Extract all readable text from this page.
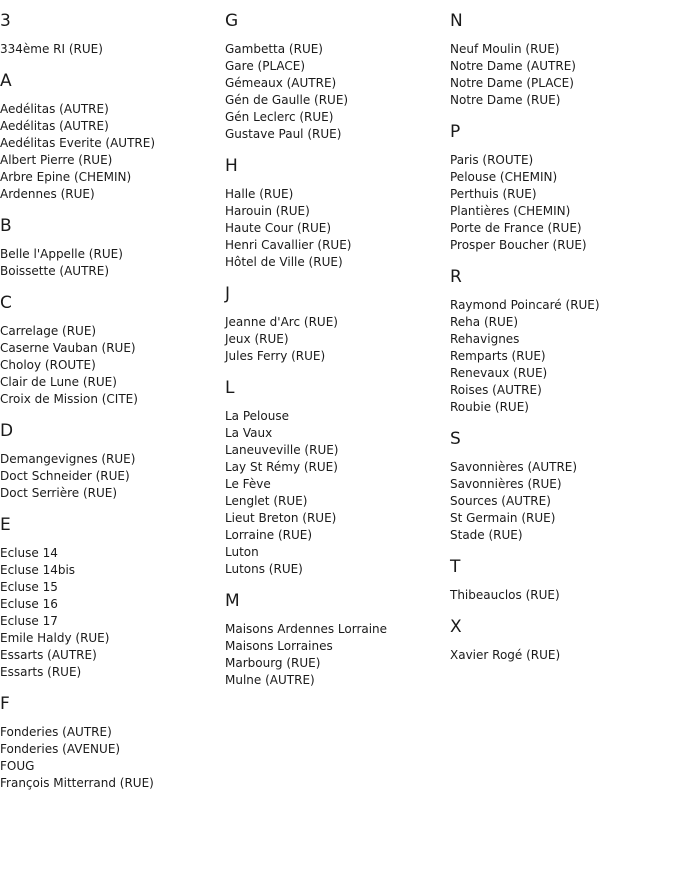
3
334ème RI (RUE)
A
Aedélitas (AUTRE)
Aedélitas (AUTRE)
Aedélitas Everite (AUTRE)
Albert Pierre (RUE)
Arbre Epine (CHEMIN)
Ardennes (RUE)
B
Belle l'Appelle (RUE)
Boissette (AUTRE)
C
Carrelage (RUE)
Caserne Vauban (RUE)
Choloy (ROUTE)
Clair de Lune (RUE)
Croix de Mission (CITE)
D
Demangevignes (RUE)
Doct Schneider (RUE)
Doct Serrière (RUE)
E
Ecluse 14
Ecluse 14bis
Ecluse 15
Ecluse 16
Ecluse 17
Emile Haldy (RUE)
Essarts (AUTRE)
Essarts (RUE)
F
Fonderies (AUTRE)
Fonderies (AVENUE)
FOUG
François Mitterrand (RUE)
G
Gambetta (RUE)
Gare (PLACE)
Gémeaux (AUTRE)
Gén de Gaulle (RUE)
Gén Leclerc (RUE)
Gustave Paul (RUE)
H
Halle (RUE)
Harouin (RUE)
Haute Cour (RUE)
Henri Cavallier (RUE)
Hôtel de Ville (RUE)
J
Jeanne d'Arc (RUE)
Jeux (RUE)
Jules Ferry (RUE)
L
La Pelouse
La Vaux
Laneuveville (RUE)
Lay St Rémy (RUE)
Le Fève
Lenglet (RUE)
Lieut Breton (RUE)
Lorraine (RUE)
Luton
Lutons (RUE)
M
Maisons Ardennes Lorraine
Maisons Lorraines
Marbourg (RUE)
Mulne (AUTRE)
N
Neuf Moulin (RUE)
Notre Dame (AUTRE)
Notre Dame (PLACE)
Notre Dame (RUE)
P
Paris (ROUTE)
Pelouse (CHEMIN)
Perthuis (RUE)
Plantières (CHEMIN)
Porte de France (RUE)
Prosper Boucher (RUE)
R
Raymond Poincaré (RUE)
Reha (RUE)
Rehavignes
Remparts (RUE)
Renevaux (RUE)
Roises (AUTRE)
Roubie (RUE)
S
Savonnières (AUTRE)
Savonnières (RUE)
Sources (AUTRE)
St Germain (RUE)
Stade (RUE)
T
Thibeauclos (RUE)
X
Xavier Rogé (RUE)
